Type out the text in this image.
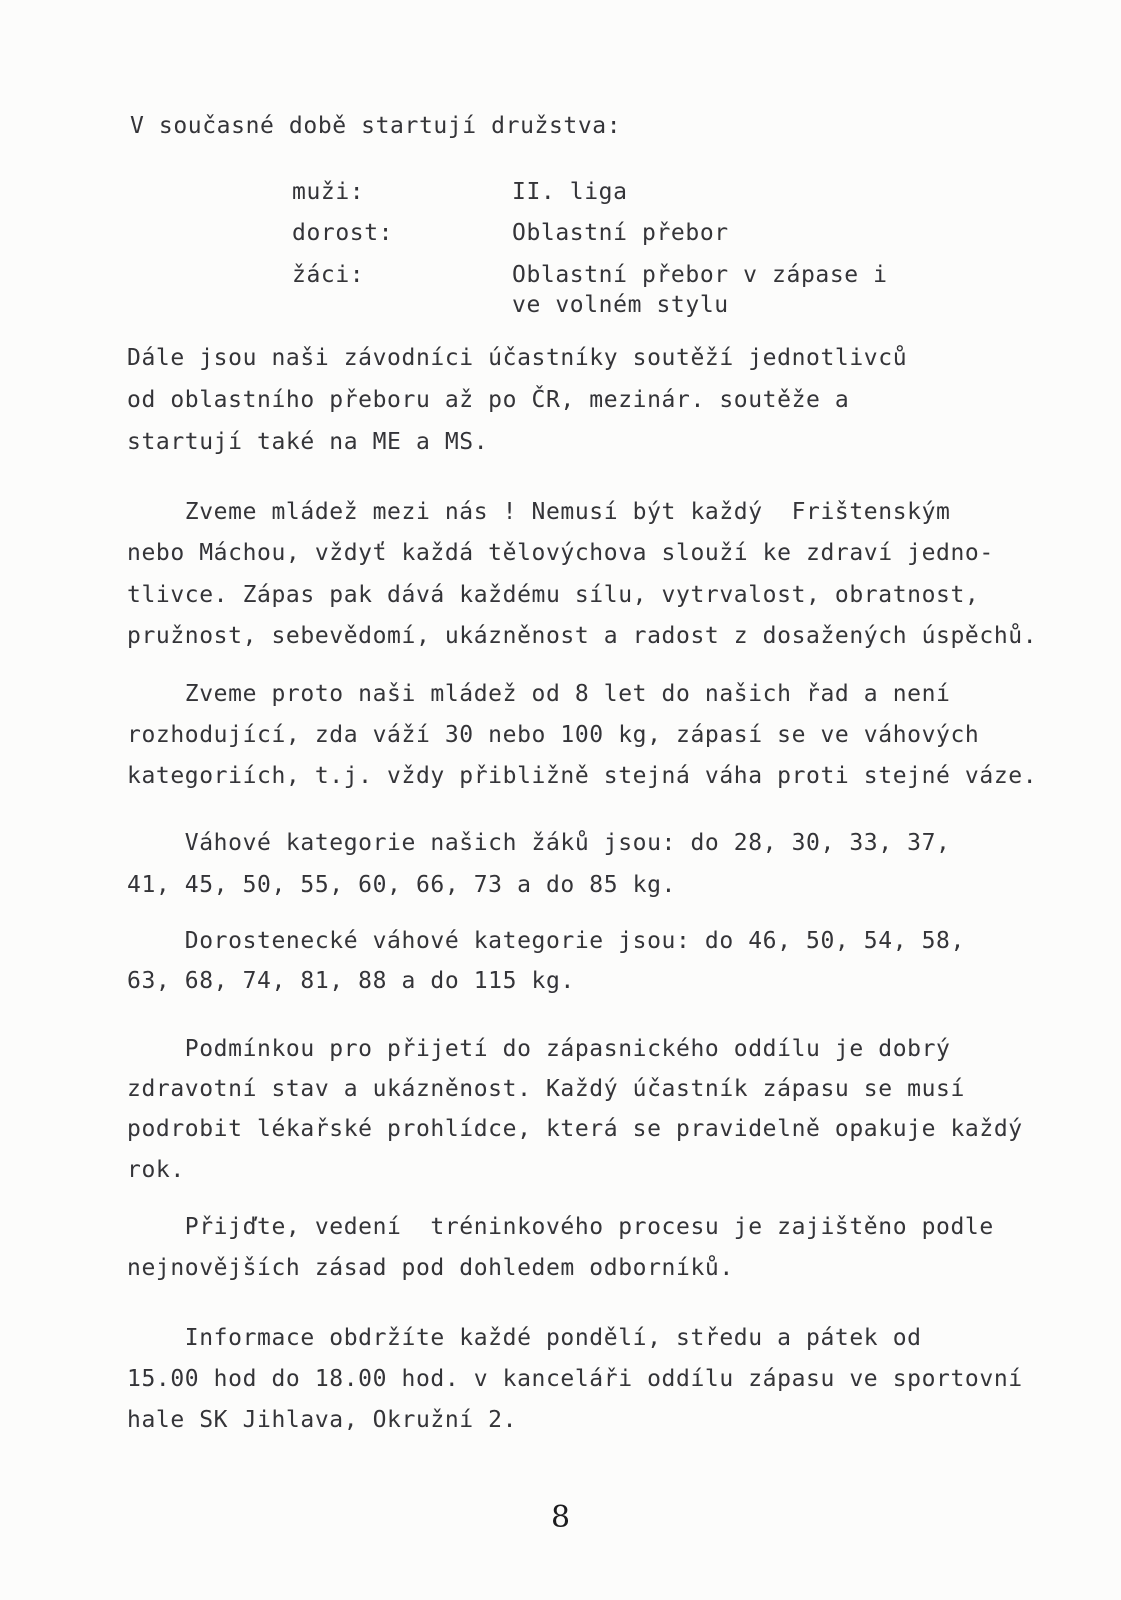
V současné době startují družstva:
muži:	II. liga
dorost:	Oblastní přebor
žáci:	Oblastní přebor v zápase i
ve volném stylu
Dále jsou naši závodníci účastníky soutěží jednotlivců
od oblastního přeboru až po ČR, mezinár. soutěže a
startují také na ME a MS.
Zveme mládež mezi nás ! Nemusí být každý  Frištenským
nebo Máchou, vždyť každá tělovýchova slouží ke zdraví jedno-
tlivce. Zápas pak dává každému sílu, vytrvalost, obratnost,
pružnost, sebevědomí, ukázněnost a radost z dosažených úspěchů.
Zveme proto naši mládež od 8 let do našich řad a není
rozhodující, zda váží 30 nebo 100 kg, zápasí se ve váhových
kategoriích, t.j. vždy přibližně stejná váha proti stejné váze.
Váhové kategorie našich žáků jsou: do 28, 30, 33, 37,
41, 45, 50, 55, 60, 66, 73 a do 85 kg.
Dorostenecké váhové kategorie jsou: do 46, 50, 54, 58,
63, 68, 74, 81, 88 a do 115 kg.
Podmínkou pro přijetí do zápasnického oddílu je dobrý
zdravotní stav a ukázněnost. Každý účastník zápasu se musí
podrobit lékařské prohlídce, která se pravidelně opakuje každý
rok.
Přijďte, vedení  tréninkového procesu je zajištěno podle
nejnovějších zásad pod dohledem odborníků.
Informace obdržíte každé pondělí, středu a pátek od
15.00 hod do 18.00 hod. v kanceláři oddílu zápasu ve sportovní
hale SK Jihlava, Okružní 2.
8
